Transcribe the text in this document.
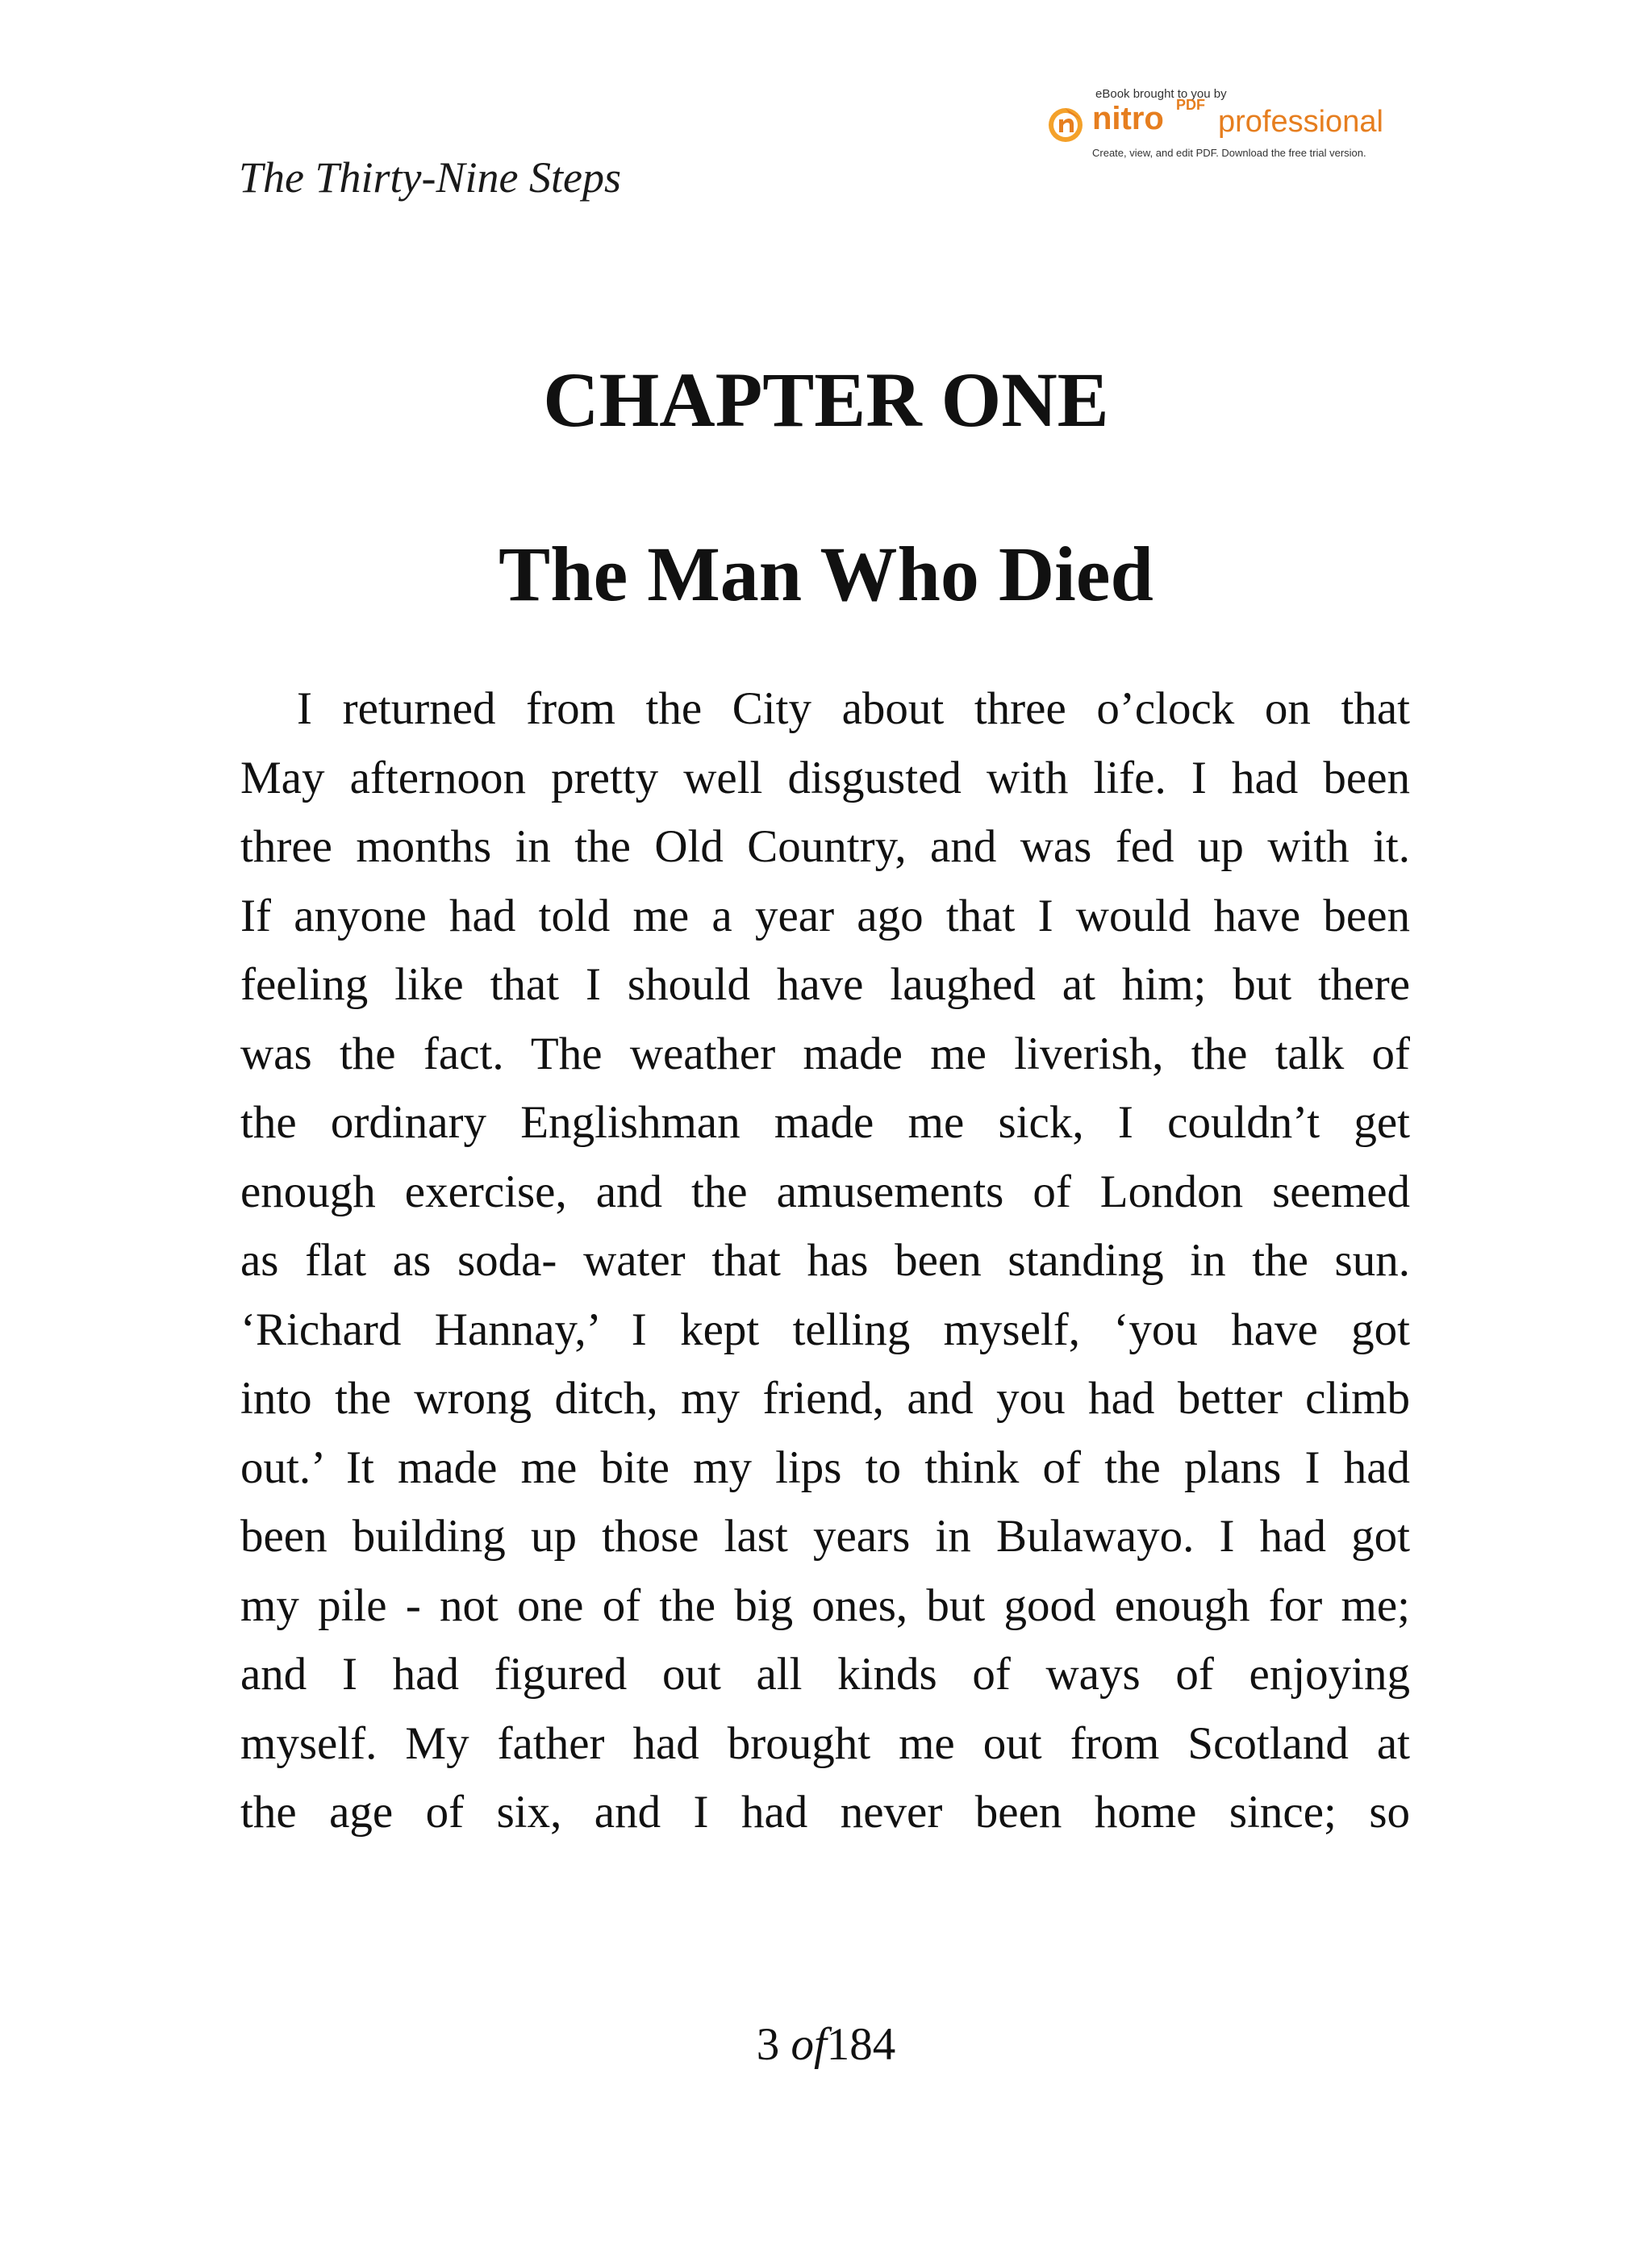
The Thirty-Nine Steps

eBook brought to you by
nitro PDF professional
Create, view, and edit PDF. Download the free trial version.
CHAPTER ONE
The Man Who Died
I returned from the City about three o’clock on that
May afternoon pretty well disgusted with life. I had been
three months in the Old Country, and was fed up with it.
If anyone had told me a year ago that I would have been
feeling like that I should have laughed at him; but there
was the fact. The weather made me liverish, the talk of
the ordinary Englishman made me sick, I couldn’t get
enough exercise, and the amusements of London seemed
as flat as soda- water that has been standing in the sun.
‘Richard Hannay,’ I kept telling myself, ‘you have got
into the wrong ditch, my friend, and you had better climb
out.’ It made me bite my lips to think of the plans I had
been building up those last years in Bulawayo. I had got
my pile - not one of the big ones, but good enough for me;
and I had figured out all kinds of ways of enjoying
myself. My father had brought me out from Scotland at
the age of six, and I had never been home since; so
3 of184
